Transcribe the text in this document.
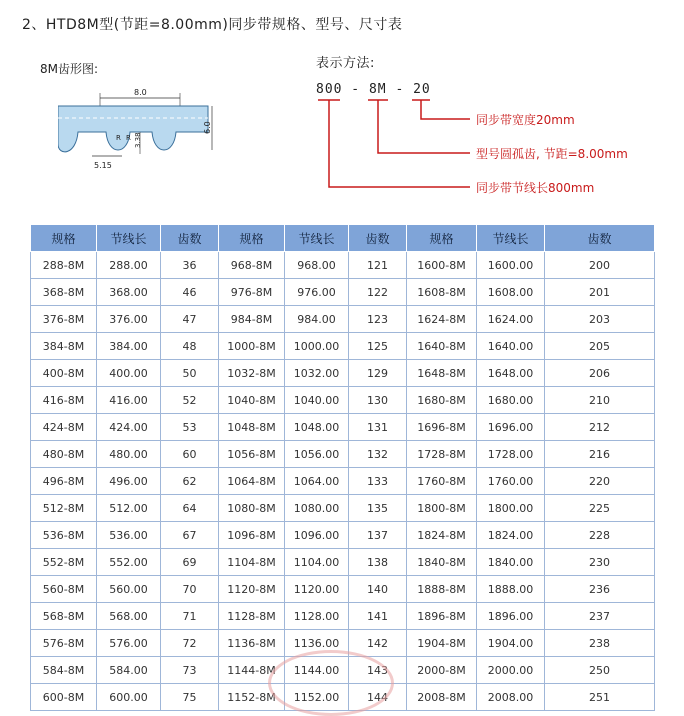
2、HTD8M型(节距=8.00mm)同步带规格、型号、尺寸表
8M齿形图:
8.0
6.0
3.38
R R
5.15
表示方法:
800 - 8M - 20
同步带宽度20mm
型号圆孤齿, 节距=8.00mm
同步带节线长800mm
规格	节线长	齿数	规格	节线长	齿数	规格	节线长	齿数
288-8M	288.00	36	968-8M	968.00	121	1600-8M	1600.00	200
368-8M	368.00	46	976-8M	976.00	122	1608-8M	1608.00	201
376-8M	376.00	47	984-8M	984.00	123	1624-8M	1624.00	203
384-8M	384.00	48	1000-8M	1000.00	125	1640-8M	1640.00	205
400-8M	400.00	50	1032-8M	1032.00	129	1648-8M	1648.00	206
416-8M	416.00	52	1040-8M	1040.00	130	1680-8M	1680.00	210
424-8M	424.00	53	1048-8M	1048.00	131	1696-8M	1696.00	212
480-8M	480.00	60	1056-8M	1056.00	132	1728-8M	1728.00	216
496-8M	496.00	62	1064-8M	1064.00	133	1760-8M	1760.00	220
512-8M	512.00	64	1080-8M	1080.00	135	1800-8M	1800.00	225
536-8M	536.00	67	1096-8M	1096.00	137	1824-8M	1824.00	228
552-8M	552.00	69	1104-8M	1104.00	138	1840-8M	1840.00	230
560-8M	560.00	70	1120-8M	1120.00	140	1888-8M	1888.00	236
568-8M	568.00	71	1128-8M	1128.00	141	1896-8M	1896.00	237
576-8M	576.00	72	1136-8M	1136.00	142	1904-8M	1904.00	238
584-8M	584.00	73	1144-8M	1144.00	143	2000-8M	2000.00	250
600-8M	600.00	75	1152-8M	1152.00	144	2008-8M	2008.00	251
